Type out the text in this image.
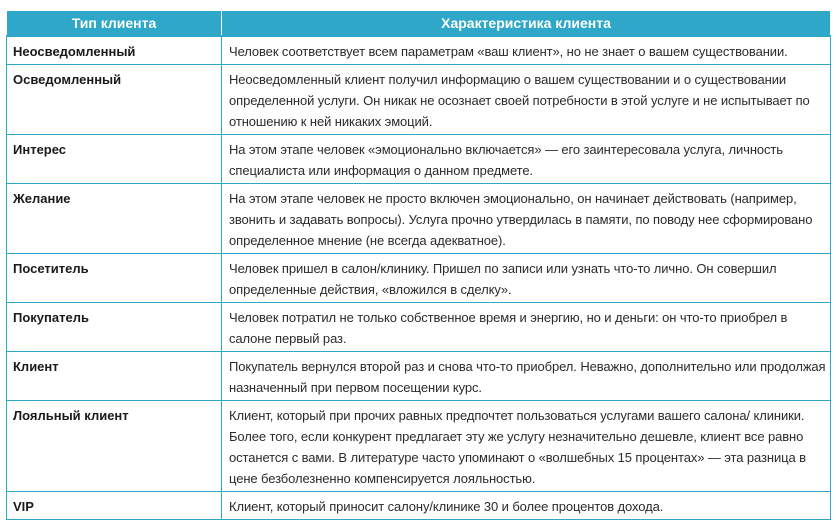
Тип клиента	Характеристика клиента
Неосведомленный	Человек соответствует всем параметрам «ваш клиент», но не знает о вашем существовании.
Осведомленный	Неосведомленный клиент получил информацию о вашем существовании и о существовании определенной услуги. Он никак не осознает своей потребности в этой услуге и не испытывает по отношению к ней никаких эмоций.
Интерес	На этом этапе человек «эмоционально включается» — его заинтересовала услуга, личность специалиста или информация о данном предмете.
Желание	На этом этапе человек не просто включен эмоционально, он начинает действовать (например, звонить и задавать вопросы). Услуга прочно утвердилась в памяти, по поводу нее сформировано определенное мнение (не всегда адекватное).
Посетитель	Человек пришел в салон/клинику. Пришел по записи или узнать что-то лично. Он совершил определенные действия, «вложился в сделку».
Покупатель	Человек потратил не только собственное время и энергию, но и деньги: он что-то приобрел в салоне первый раз.
Клиент	Покупатель вернулся второй раз и снова что-то приобрел. Неважно, дополнительно или продолжая назначенный при первом посещении курс.
Лояльный клиент	Клиент, который при прочих равных предпочтет пользоваться услугами вашего салона/ клиники. Более того, если конкурент предлагает эту же услугу незначительно дешевле, клиент все равно останется с вами. В литературе часто упоминают о «волшебных 15 процентах» — эта разница в цене безболезненно компенсируется лояльностью.
VIP	Клиент, который приносит салону/клинике 30 и более процентов дохода.
